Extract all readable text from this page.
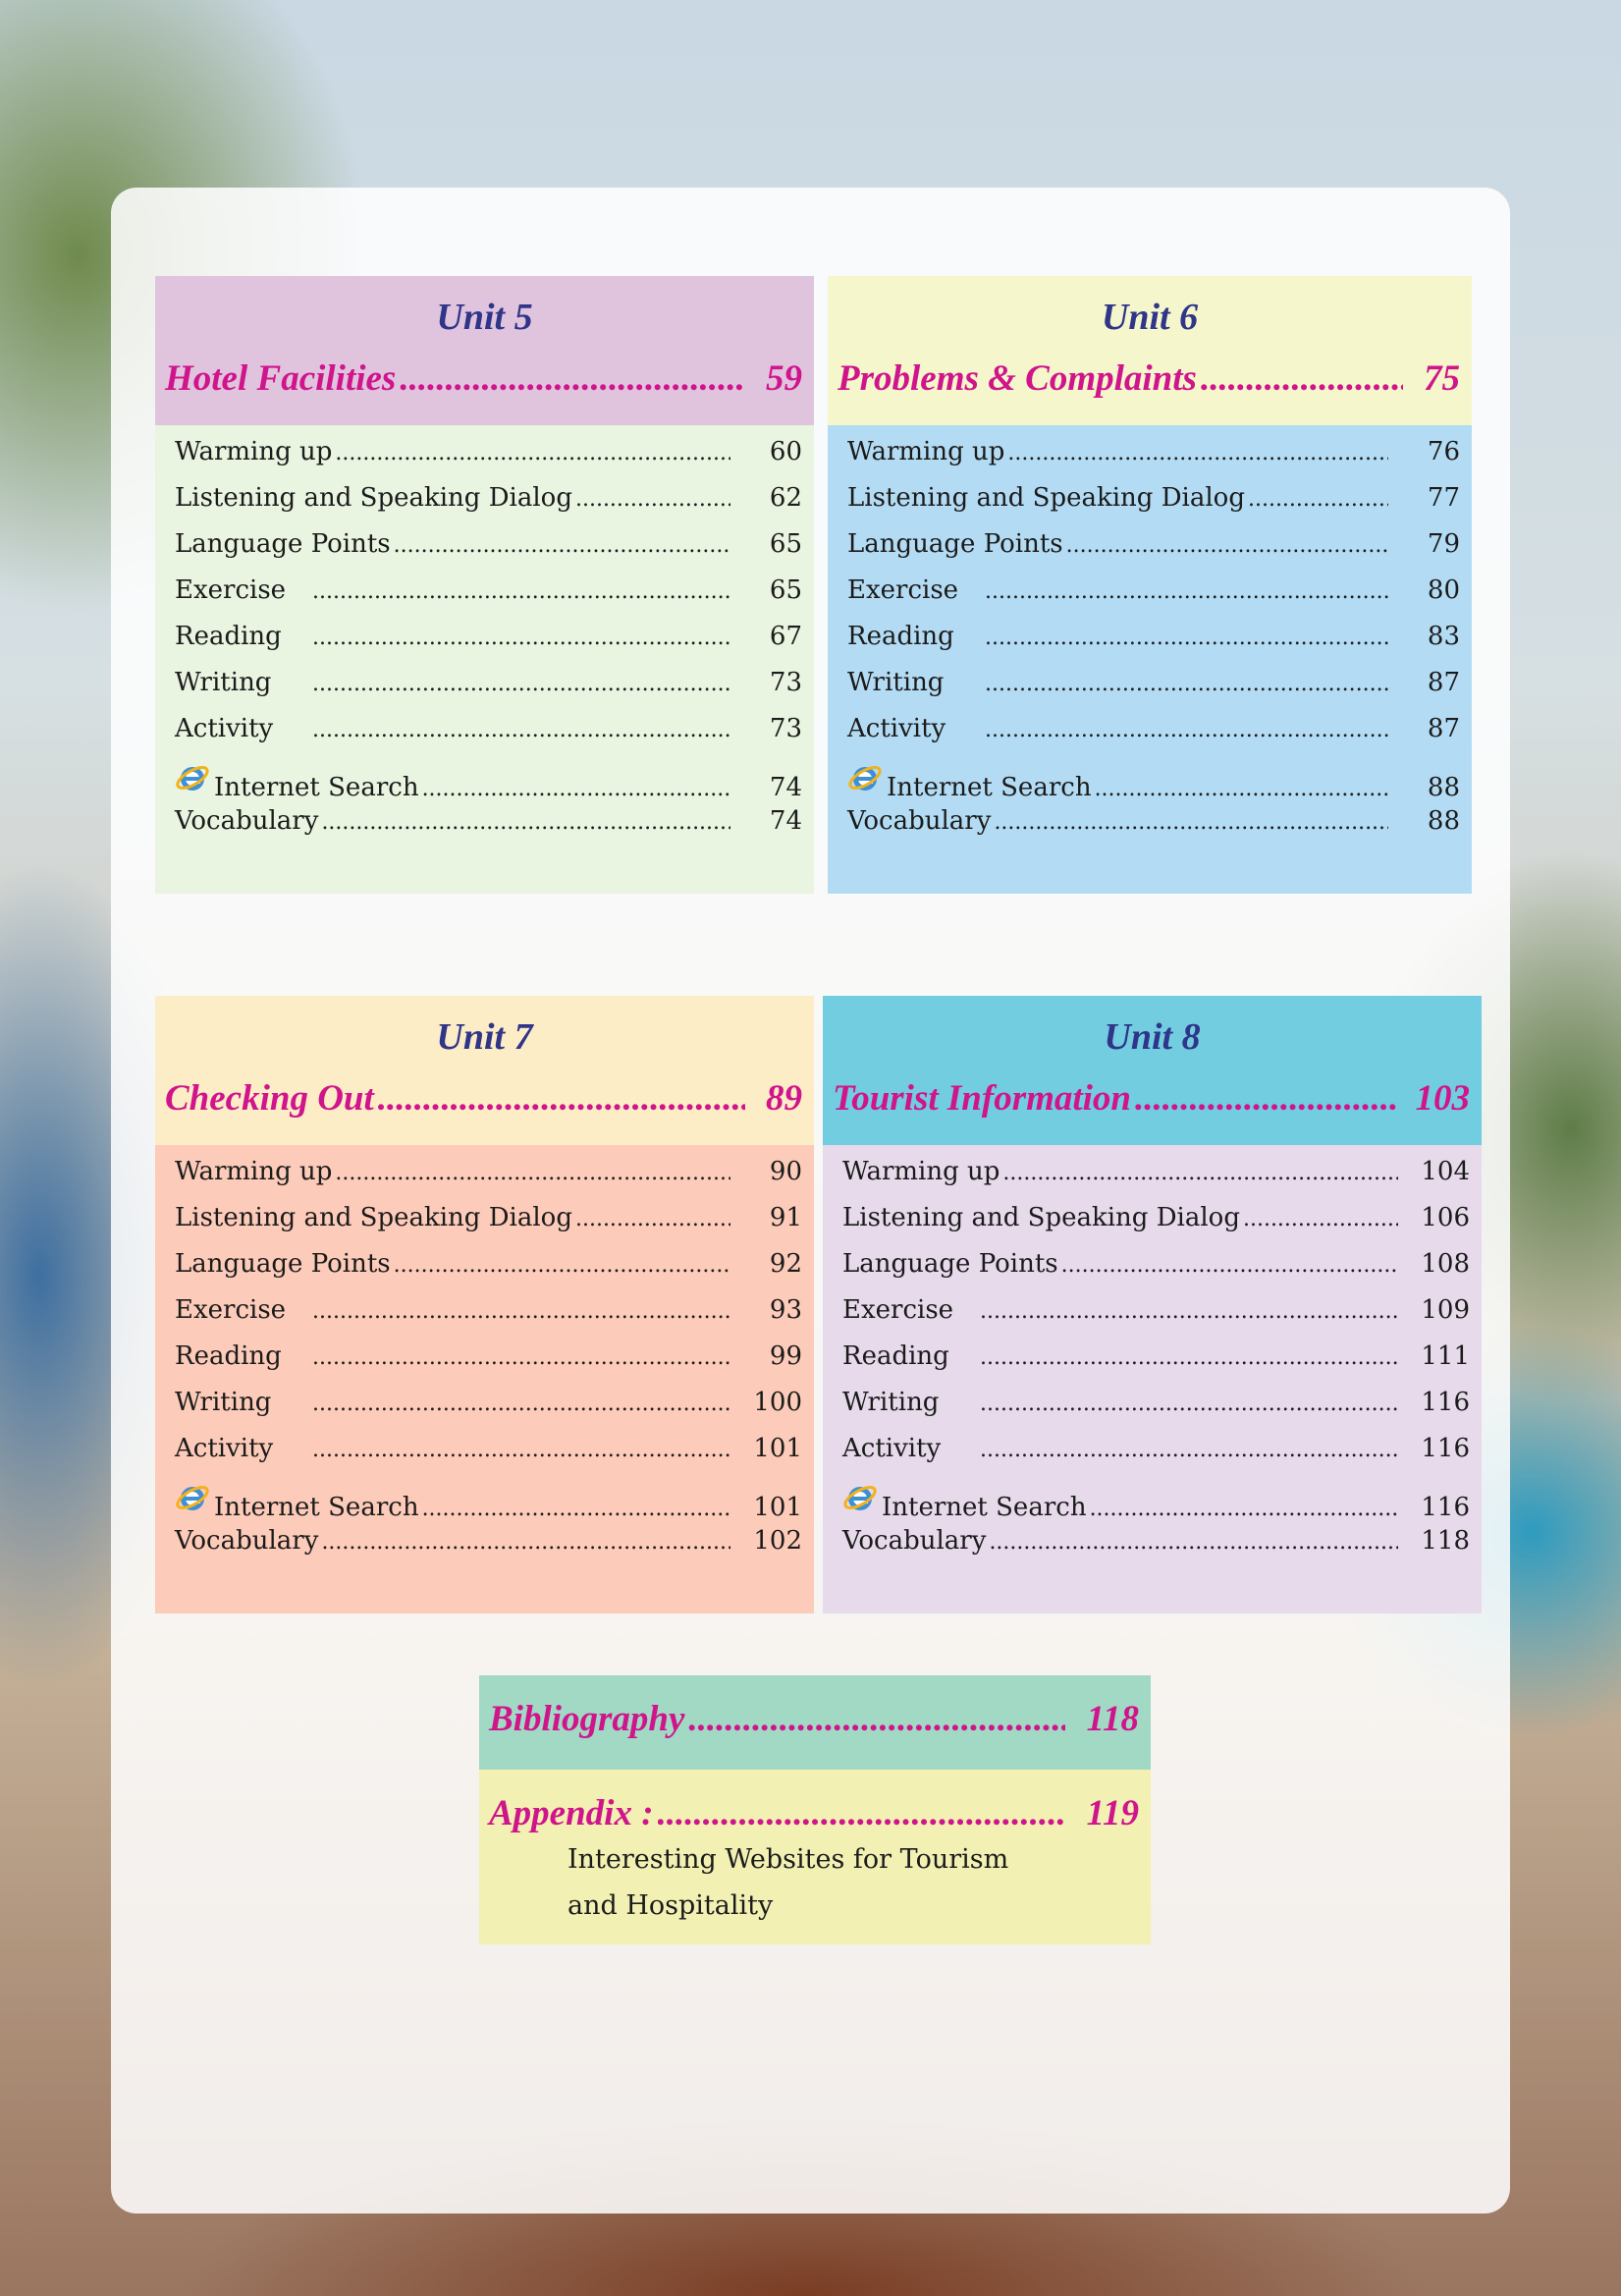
Unit 5
Hotel Facilities .....	59
Warming up .....	60
Listening and Speaking Dialog .....	62
Language Points .....	65
Exercise .....	65
Reading .....	67
Writing .....	73
Activity .....	73
Internet Search .....	74
Vocabulary .....	74
Unit 6
Problems & Complaints .....	75
Warming up .....	76
Listening and Speaking Dialog .....	77
Language Points .....	79
Exercise .....	80
Reading .....	83
Writing .....	87
Activity .....	87
Internet Search .....	88
Vocabulary .....	88
Unit 7
Checking Out .....	89
Warming up .....	90
Listening and Speaking Dialog .....	91
Language Points .....	92
Exercise .....	93
Reading .....	99
Writing .....	100
Activity .....	101
Internet Search .....	101
Vocabulary .....	102
Unit 8
Tourist Information .....	103
Warming up .....	104
Listening and Speaking Dialog .....	106
Language Points .....	108
Exercise .....	109
Reading .....	111
Writing .....	116
Activity .....	116
Internet Search .....	116
Vocabulary .....	118
Bibliography .....	118
Appendix : .....	119
Interesting Websites for Tourism
and Hospitality
